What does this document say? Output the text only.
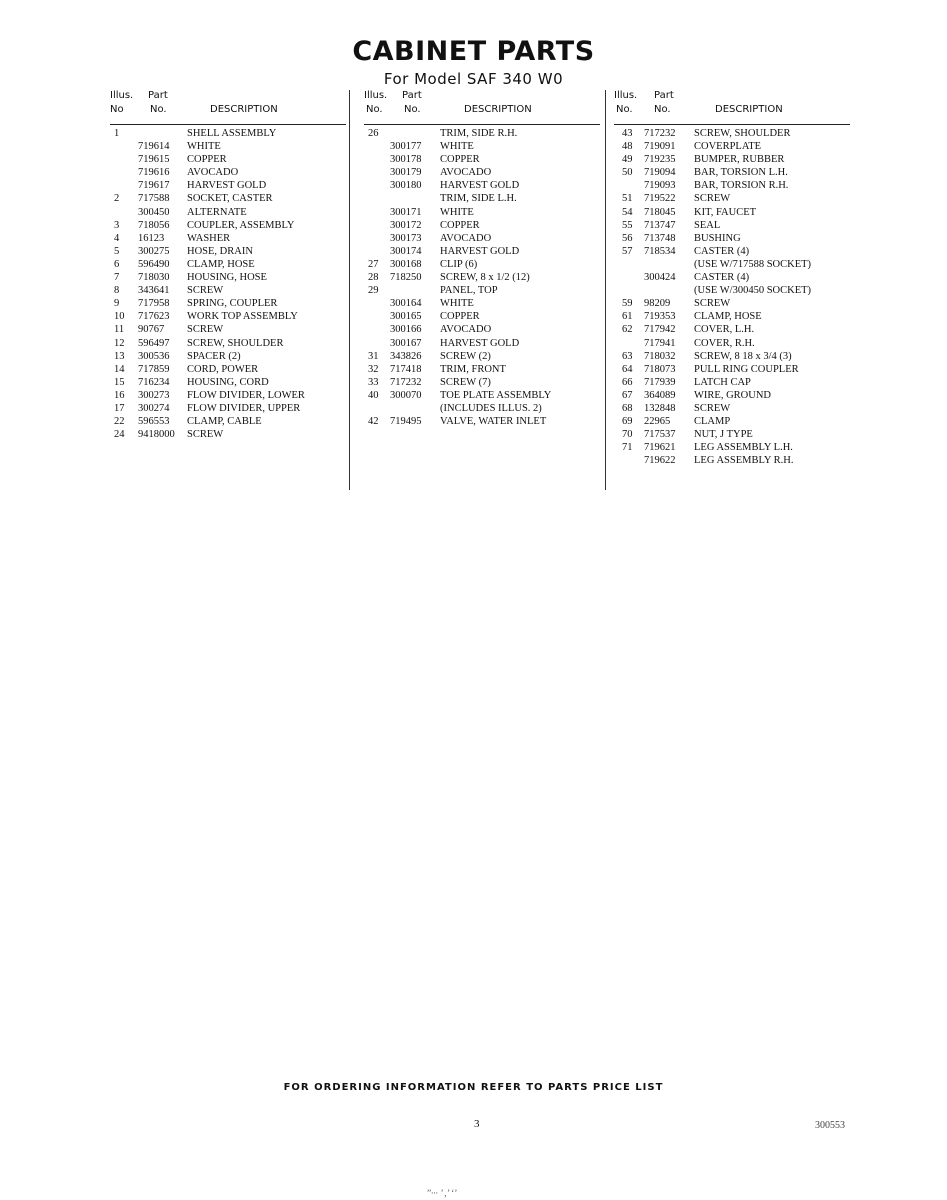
CABINET PARTS
For Model SAF 340 W0
Illus. Part
No	No.	DESCRIPTION
1	SHELL ASSEMBLY
719614 WHITE
719615 COPPER
719616 AVOCADO
719617 HARVEST GOLD
2 717588 SOCKET, CASTER
300450 ALTERNATE
3 718056 COUPLER, ASSEMBLY
4 16123 WASHER
5 300275 HOSE, DRAIN
6 596490 CLAMP, HOSE
7 718030 HOUSING, HOSE
8 343641 SCREW
9 717958 SPRING, COUPLER
10 717623 WORK TOP ASSEMBLY
11 90767 SCREW
12 596497 SCREW, SHOULDER
13 300536 SPACER (2)
14 717859 CORD, POWER
15 716234 HOUSING, CORD
16 300273 FLOW DIVIDER, LOWER
17 300274 FLOW DIVIDER, UPPER
22 596553 CLAMP, CABLE
24 9418000 SCREW
Illus. Part
No. No.	DESCRIPTION
26	TRIM, SIDE R.H.
300177 WHITE
300178 COPPER
300179 AVOCADO
300180 HARVEST GOLD
TRIM, SIDE L.H.
300171 WHITE
300172 COPPER
300173 AVOCADO
300174 HARVEST GOLD
27 300168 CLIP (6)
28 718250 SCREW, 8 x 1/2 (12)
29	PANEL, TOP
300164 WHITE
300165 COPPER
300166 AVOCADO
300167 HARVEST GOLD
31 343826 SCREW (2)
32 717418 TRIM, FRONT
33 717232 SCREW (7)
40 300070 TOE PLATE ASSEMBLY
(INCLUDES ILLUS. 2)
42 719495 VALVE, WATER INLET
Illus. Part
No. No.	DESCRIPTION
43 717232 SCREW, SHOULDER
48 719091 COVERPLATE
49 719235 BUMPER, RUBBER
50 719094 BAR, TORSION L.H.
719093 BAR, TORSION R.H.
51 719522 SCREW
54 718045 KIT, FAUCET
55 713747 SEAL
56 713748 BUSHING
57 718534 CASTER (4)
(USE W/717588 SOCKET)
300424 CASTER (4)
(USE W/300450 SOCKET)
59 98209 SCREW
61 719353 CLAMP, HOSE
62 717942 COVER, L.H.
717941 COVER, R.H.
63 718032 SCREW, 8 18 x 3/4 (3)
64 718073 PULL RING COUPLER
66 717939 LATCH CAP
67 364089 WIRE, GROUND
68 132848 SCREW
69 22965 CLAMP
70 717537 NUT, J TYPE
71 719621 LEG ASSEMBLY L.H.
719622 LEG ASSEMBLY R.H.
FOR ORDERING INFORMATION REFER TO PARTS PRICE LIST
3	300553
’’··· ’ ,’ ‘’
